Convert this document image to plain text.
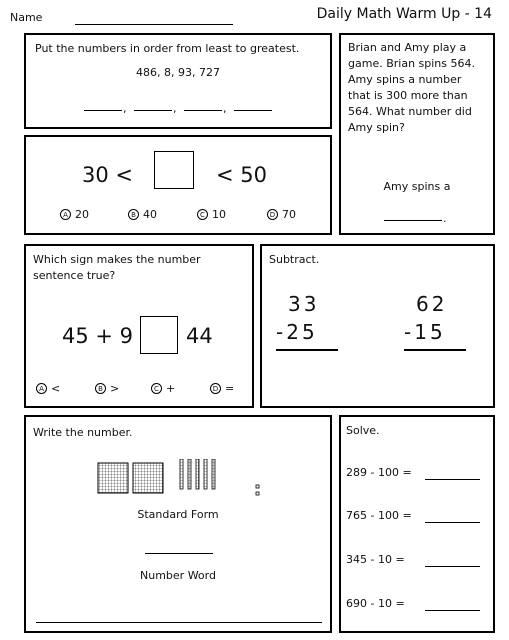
Name	Daily Math Warm Up - 14
Put the numbers in order from least to greatest.
486, 8, 93, 727
,	,	,
Brian and Amy play a
game. Brian spins 564.
Amy spins a number
that is 300 more than
564. What number did
Amy spin?
Amy spins a
.
30 <	< 50
A 20	B 40	C 10	D 70
Which sign makes the number
sentence true?
45 + 9	44
A <	B >	C +	D =
Subtract.
33
-25
62
-15
Write the number.
Standard Form
Number Word
Solve.
289 - 100 =
765 - 100 =
345 - 10 =
690 - 10 =
